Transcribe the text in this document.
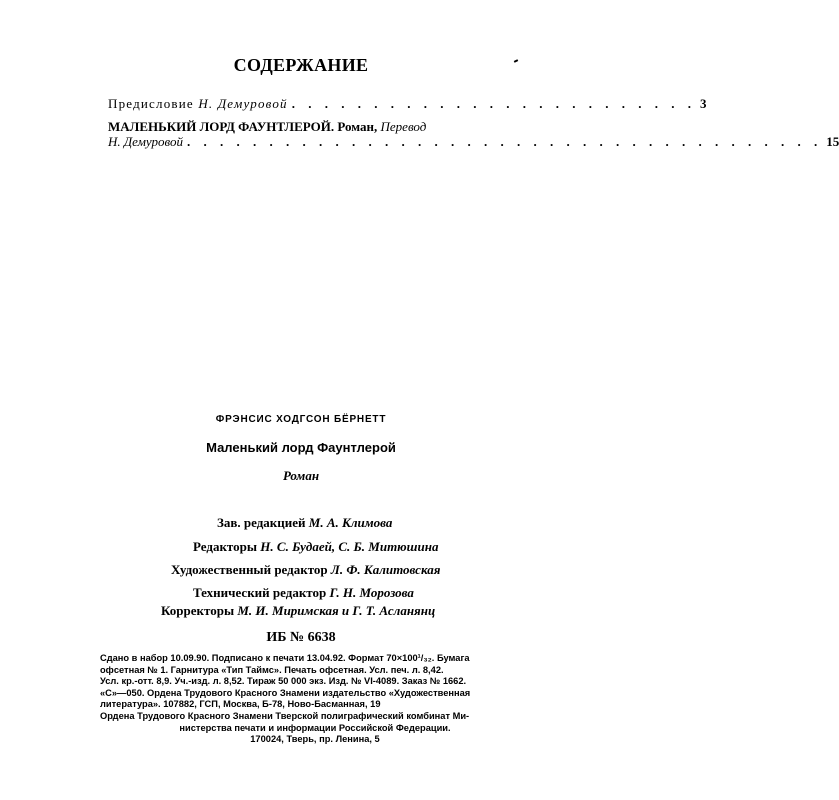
СОДЕРЖАНИЕ
Предисловие Н. Демуровой . . . . . . . . . . . . . . . . . . . . . . . . . 3
МАЛЕНЬКИЙ ЛОРД ФАУНТЛЕРОЙ. Роман, Перевод
Н. Демуровой . . . . . . . . . . . . . . . . . . . . . . . . . . . . . . . . . . . . . . . 15
ФРЭНСИС ХОДГСОН БЁРНЕТТ
Маленький лорд Фаунтлерой
Роман
Зав. редакцией М. А. Климова
Редакторы Н. С. Будаей, С. Б. Митюшина
Художественный редактор Л. Ф. Калитовская
Технический редактор Г. Н. Морозова
Корректоры М. И. Миримская и Г. Т. Асланянц
ИБ № 6638
Сдано в набор 10.09.90. Подписано к печати 13.04.92. Формат 70×100¹/₃₂. Бумага
офсетная № 1. Гарнитура «Тип Таймс». Печать офсетная. Усл. печ. л. 8,42.
Усл. кр.-отт. 8,9. Уч.-изд. л. 8,52. Тираж 50 000 экз. Изд. № VI-4089. Заказ № 1662.
«С»—050. Ордена Трудового Красного Знамени издательство «Художественная
литература». 107882, ГСП, Москва, Б-78, Ново-Басманная, 19
Ордена Трудового Красного Знамени Тверской полиграфический комбинат Ми-
нистерства печати и информации Российской Федерации.
170024, Тверь, пр. Ленина, 5
